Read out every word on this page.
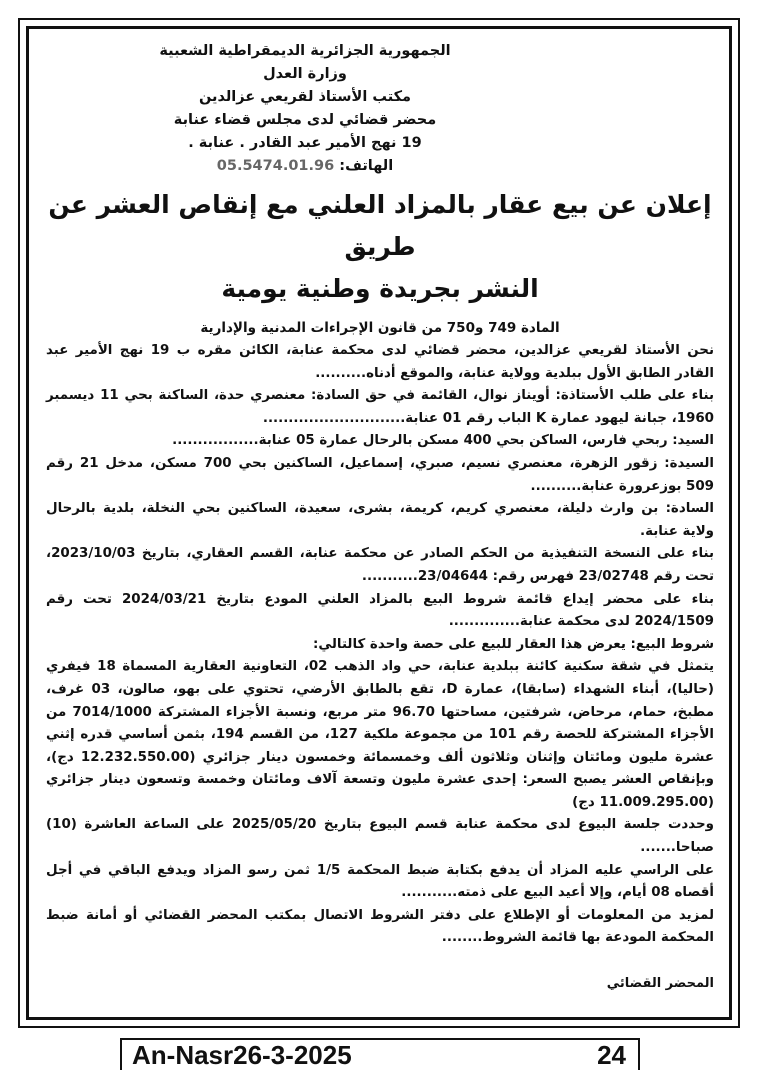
الجمهورية الجزائرية الديمقراطية الشعبية
وزارة العدل
مكتب الأستاذ لقريعي عزالدين
محضر قضائي لدى مجلس قضاء عنابة
19 نهج الأمير عبد القادر . عنابة .
الهاتف: 05.5474.01.96
إعلان عن بيع عقار بالمزاد العلني مع إنقاص العشر عن طريق
النشر بجريدة وطنية يومية
المادة 749 و750 من قانون الإجراءات المدنية والإدارية

نحن الأستاذ لقريعي عزالدين، محضر قضائي لدى محكمة عنابة، الكائن مقره ب 19 نهج الأمير عبد القادر الطابق الأول ببلدية وولاية عنابة، والموقع أدناه..........

بناء على طلب الأستاذة: أويناز نوال، القائمة في حق السادة: معنصري حدة، الساكنة بحي 11 ديسمبر 1960، جبانة ليهود عمارة K الباب رقم 01 عنابة............................

السيد: ربحي فارس، الساكن بحي 400 مسكن بالرحال عمارة 05 عنابة.................

السيدة: زقور الزهرة، معنصري نسيم، صبري، إسماعيل، الساكنين بحي 700 مسكن، مدخل 21 رقم 509 بوزعرورة عنابة..........

السادة: بن وارث دليلة، معنصري كريم، كريمة، بشرى، سعيدة، الساكنين بحي النخلة، بلدية بالرحال ولاية عنابة.

بناء على النسخة التنفيذية من الحكم الصادر عن محكمة عنابة، القسم العقاري، بتاريخ 2023/10/03، تحت رقم 23/02748 فهرس رقم: 23/04644...........

بناء على محضر إيداع قائمة شروط البيع بالمزاد العلني المودع بتاريخ 2024/03/21 تحت رقم 2024/1509 لدى محكمة عنابة..............

شروط البيع: يعرض هذا العقار للبيع على حصة واحدة كالتالي:

يتمثل في شقة سكنية كائنة ببلدية عنابة، حي واد الذهب 02، التعاونية العقارية المسماة 18 فيفري (حاليا)، أبناء الشهداء (سابقا)، عمارة D، تقع بالطابق الأرضي، تحتوي على بهو، صالون، 03 غرف، مطبخ، حمام، مرحاض، شرفتين، مساحتها 96.70 متر مربع، ونسبة الأجزاء المشتركة 7014/1000 من الأجزاء المشتركة للحصة رقم 101 من مجموعة ملكية 127، من القسم 194، بثمن أساسي قدره إثني عشرة مليون ومائتان وإثنان وثلاثون ألف وخمسمائة وخمسون دينار جزائري (12.232.550.00 دج)، وبإنقاص العشر يصبح السعر: إحدى عشرة مليون وتسعة آلاف ومائتان وخمسة وتسعون دينار جزائري (11.009.295.00 دج)

وحددت جلسة البيوع لدى محكمة عنابة قسم البيوع بتاريخ 2025/05/20 على الساعة العاشرة (10) صباحا.......

على الراسي عليه المزاد أن يدفع بكتابة ضبط المحكمة 1/5 ثمن رسو المزاد ويدفع الباقي في أجل أقصاه 08 أيام، وإلا أعيد البيع على ذمته...........

لمزيد من المعلومات أو الإطلاع على دفتر الشروط الاتصال بمكتب المحضر القضائي أو أمانة ضبط المحكمة المودعة بها قائمة الشروط........

المحضر القضائي
An-Nasr26-3-2025	24
